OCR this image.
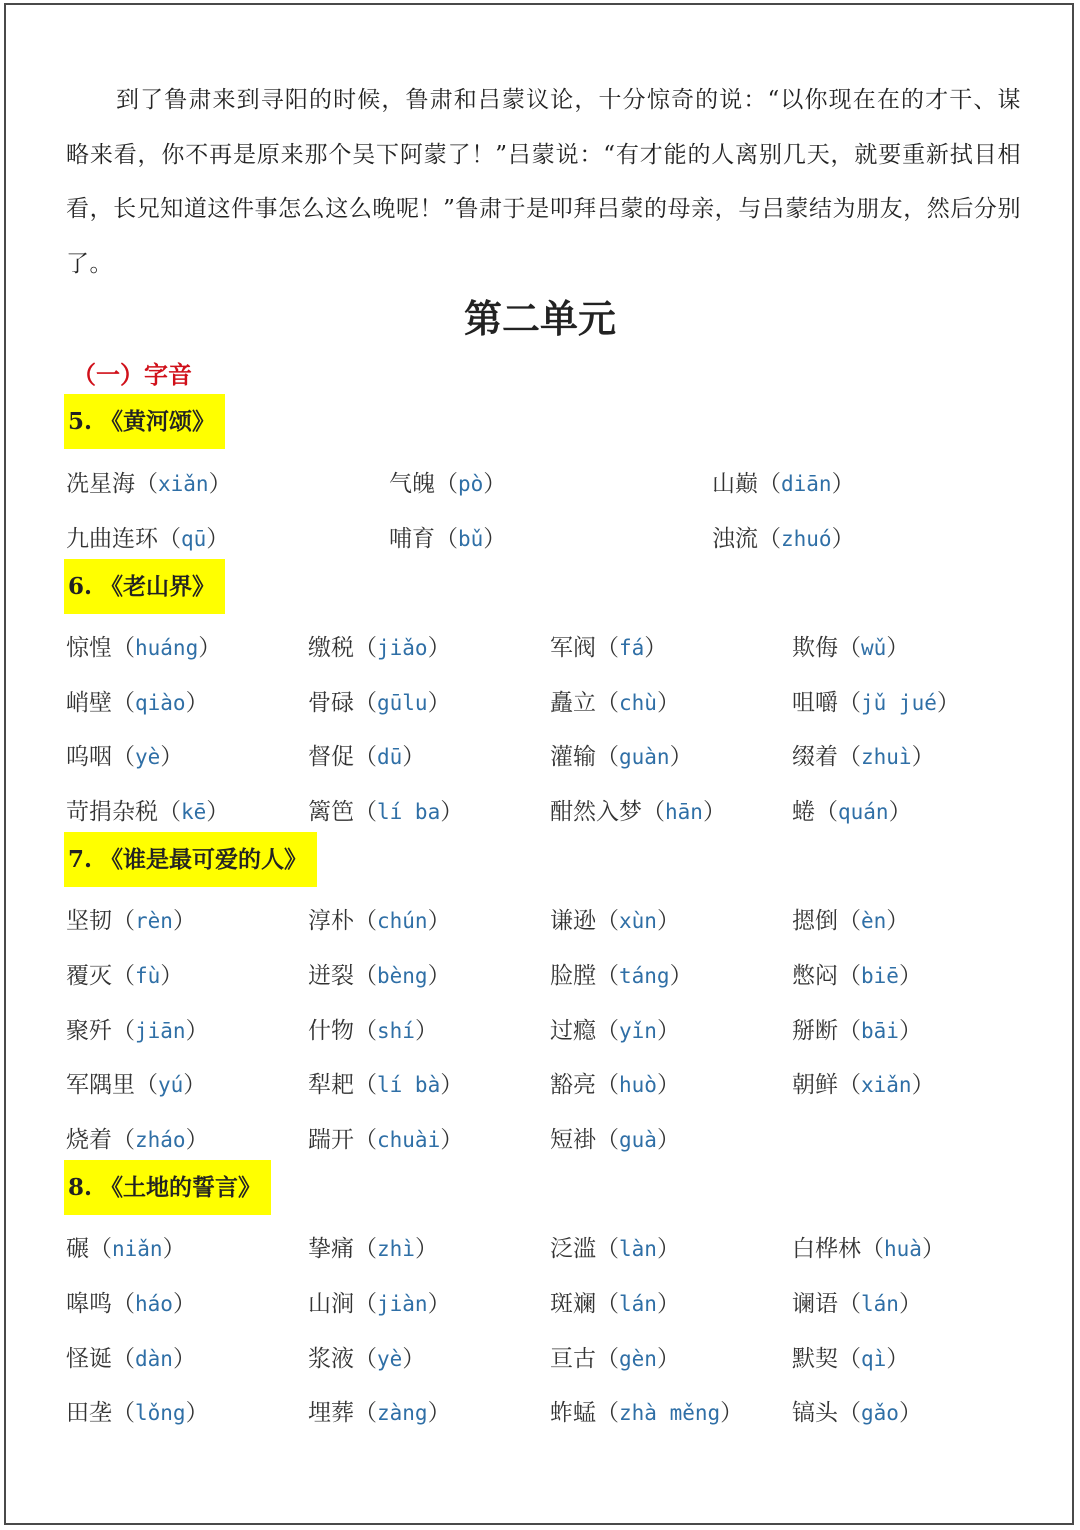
到了鲁肃来到寻阳的时候，鲁肃和吕蒙议论，十分惊奇的说：“以你现在在的才干、谋略来看，你不再是原来那个吴下阿蒙了！”吕蒙说：“有才能的人离别几天，就要重新拭目相看，长兄知道这件事怎么这么晚呢！”鲁肃于是叩拜吕蒙的母亲，与吕蒙结为朋友，然后分别了。

第二单元
（一）字音
5. 《黄河颂》
冼星海（xiǎn）	气魄（pò）	山巅（diān）
九曲连环（qū）	哺育（bǔ）	浊流（zhuó）
6. 《老山界》
惊惶（huáng）	缴税（jiǎo）	军阀（fá）	欺侮（wǔ）
峭壁（qiào）	骨碌（gūlu）	矗立（chù）	咀嚼（jǔ jué）
呜咽（yè）	督促（dū）	灌输（guàn）	缀着（zhuì）
苛捐杂税（kē）	篱笆（lí ba）	酣然入梦（hān）	蜷（quán）
7. 《谁是最可爱的人》
坚韧（rèn）	淳朴（chún）	谦逊（xùn）	摁倒（èn）
覆灭（fù）	迸裂（bèng）	脸膛（táng）	憋闷（biē）
聚歼（jiān）	什物（shí）	过瘾（yǐn）	掰断（bāi）
军隅里（yú）	犁耙（lí bà）	豁亮（huò）	朝鲜（xiǎn）
烧着（zháo）	踹开（chuài）	短褂（guà）
8. 《土地的誓言》
碾（niǎn）	挚痛（zhì）	泛滥（làn）	白桦林（huà）
嗥鸣（háo）	山涧（jiàn）	斑斓（lán）	谰语（lán）
怪诞（dàn）	浆液（yè）	亘古（gèn）	默契（qì）
田垄（lǒng）	埋葬（zàng）	蚱蜢（zhà měng） 镐头（gǎo）
